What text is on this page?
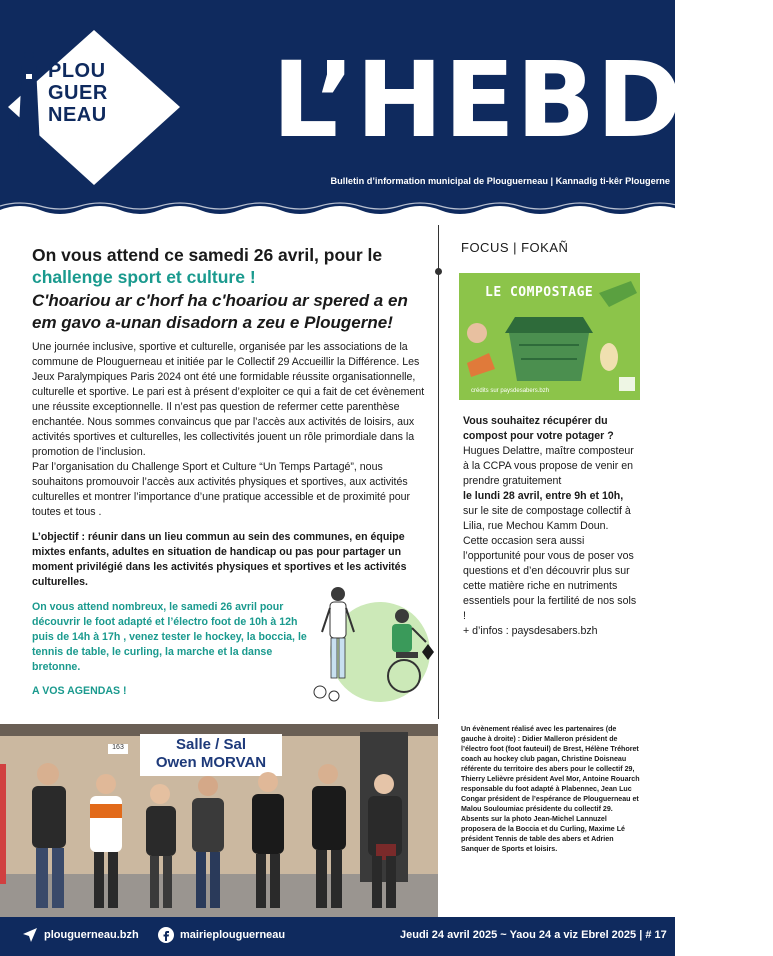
PLOU
GUER
NEAU L’HEBDO
Bulletin d’information municipal de Plouguerneau | Kannadig ti-kêr Plougerne
On vous attend ce samedi 26 avril, pour le
challenge sport et culture !
C'hoariou ar c'horf ha c'hoariou ar spered a en em gavo a-unan disadorn a zeu e Plougerne!

Une journée inclusive, sportive et culturelle, organisée par les associations de la commune de Plouguerneau et initiée par le Collectif 29 Accueillir la Différence. Les Jeux Paralympiques Paris 2024 ont été une formidable réussite organisationnelle, culturelle et sportive. Le pari est à présent d’exploiter ce qui a fait de cet évènement une réussite exceptionnelle. Il n’est pas question de refermer cette parenthèse enchantée. Nous sommes convaincus que par l’accès aux activités de loisirs, aux activités sportives et culturelles, les collectivités jouent un rôle primordiale dans la promotion de l’inclusion.

Par l’organisation du Challenge Sport et Culture “Un Temps Partagé”, nous souhaitons promouvoir l’accès aux activités physiques et sportives, aux activités culturelles et montrer l’importance d’une pratique accessible et de proximité pour toutes et tous .

L’objectif : réunir dans un lieu commun au sein des communes, en équipe mixtes enfants, adultes en situation de handicap ou pas pour partager un moment privilégié dans les activités physiques et sportives et les activités culturelles.

On vous attend nombreux, le samedi 26 avril pour découvrir le foot adapté et l’électro foot de 10h à 12h puis de 14h à 17h , venez tester le hockey, la boccia, le tennis de table, le curling, la marche et la danse bretonne.

A VOS AGENDAS !

FOCUS | FOKAÑ
LE COMPOSTAGE
crédits sur paysdesabers.bzh
Vous souhaitez récupérer du compost pour votre potager ?
Hugues Delattre, maître composteur à la CCPA vous propose de venir en prendre gratuitement
le lundi 28 avril, entre 9h et 10h,
sur le site de compostage collectif à Lilia, rue Mechou Kamm Doun.
Cette occasion sera aussi l’opportunité pour vous de poser vos questions et d’en découvrir plus sur cette matière riche en nutriments essentiels pour la fertilité de nos sols !
+ d’infos : paysdesabers.bzh
Un évènement réalisé avec les partenaires (de gauche à droite) : Didier Malleron président de l’électro foot (foot fauteuil) de Brest, Hélène Tréhoret coach au hockey club pagan, Christine Doisneau référente du territoire des abers pour le collectif 29, Thierry Lelièvre président Avel Mor, Antoine Rouarch responsable du foot adapté à Plabennec, Jean Luc Congar président de l’espérance de Plouguerneau et Malou Souloumiac présidente du collectif 29. Absents sur la photo Jean-Michel Lannuzel proposera de la Boccia et du Curling, Maxime Lé président Tennis de table des abers et Adrien Sanquer de Sports et loisirs.
Salle / Sal
Owen MORVAN
163
plouguerneau.bzh	mairieplouguerneau	Jeudi 24 avril 2025 ~ Yaou 24 a viz Ebrel 2025 | # 17
